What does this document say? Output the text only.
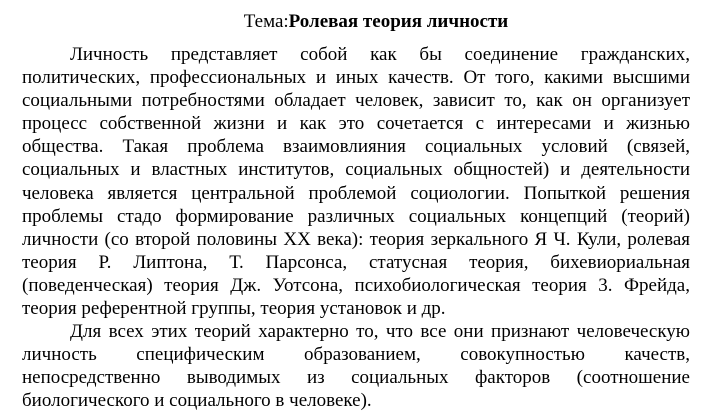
Тема:Ролевая теория личности

Личность представляет собой как бы соединение гражданских, политических, профессиональных и иных качеств. От того, какими высшими социальными потребностями обладает человек, зависит то, как он организует процесс собственной жизни и как это сочетается с интересами и жизнью общества. Такая проблема взаимовлияния социальных условий (связей, социальных и властных институтов, социальных общностей) и деятельности человека является центральной проблемой социологии. Попыткой решения проблемы стадо формирование различных социальных концепций (теорий) личности (со второй половины XX века): теория зеркального Я Ч. Кули, ролевая теория Р. Липтона, Т. Парсонса, статусная теория, бихевиориальная (поведенческая) теория Дж. Уотсона, психобиологическая теория 3. Фрейда, теория референтной группы, теория установок и др.

Для всех этих теорий характерно то, что все они признают человеческую личность специфическим образованием, совокупностью качеств, непосредственно выводимых из социальных факторов (соотношение биологического и социального в человеке).
